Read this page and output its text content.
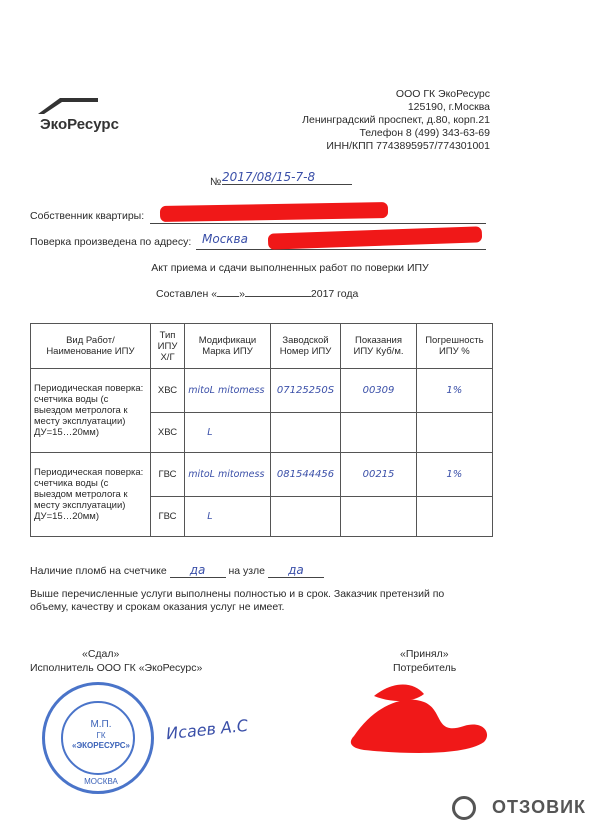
ЭкоРесурс
ООО ГК ЭкоРесурс
125190, г.Москва
Ленинградский проспект, д.80, корп.21
Телефон 8 (499) 343-63-69
ИНН/КПП 7743895957/774301001
№ 2017/08/15-7-8
Собственник квартиры:
Поверка произведена по адресу: Москва
Акт приема и сдачи выполненных работ по поверки ИПУ
Составлен « »	2017 года
Вид Работ/Наименование ИПУ	Тип ИПУ Х/Г	Модификаци Марка ИПУ	Заводской Номер ИПУ	Показания ИПУ Куб/м.	Погрешность ИПУ %
Периодическая поверка: счетчика воды (с выездом метролога к месту эксплуатации) ДУ=15…20мм)	ХВС	mitoL mitomess	07125250Ѕ	00309	1%
	ХВС	L			
Периодическая поверка: счетчика воды (с выездом метролога к месту эксплуатации) ДУ=15…20мм)	ГВС	mitoL mitomess	081544456	00215	1%
	ГВС	L			
Наличие пломб на счетчике да на узле да
Выше перечисленные услуги выполнены полностью и в срок. Заказчик претензий по объему, качеству и срокам оказания услуг не имеет.
«Сдал»
Исполнитель ООО ГК «ЭкоРесурс»
«Принял»
Потребитель
М.П.
ГК
«ЭКОРЕСУРС»
МОСКВА
Исаев А.С
ОТЗОВИК
